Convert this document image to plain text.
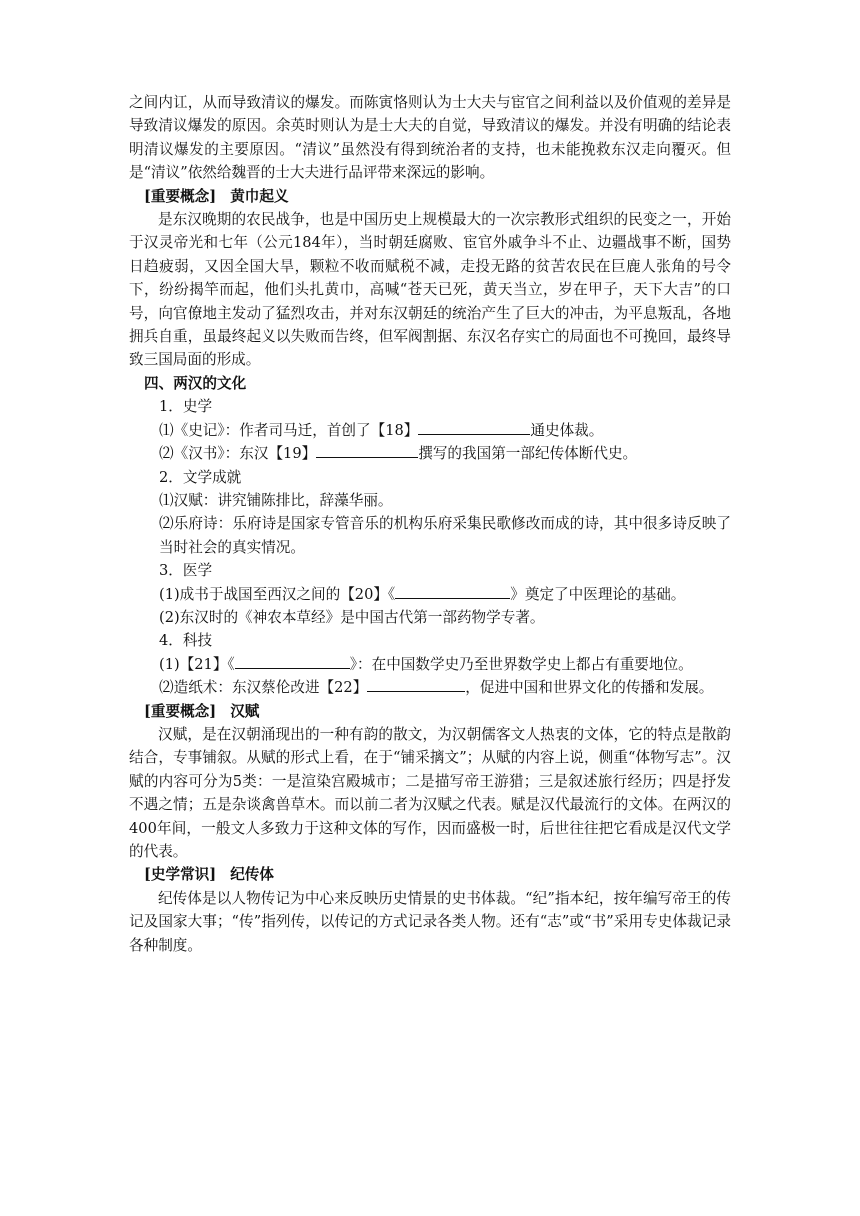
之间内讧，从而导致清议的爆发。而陈寅恪则认为士大夫与宦官之间利益以及价值观的差异是导致清议爆发的原因。余英时则认为是士大夫的自觉，导致清议的爆发。并没有明确的结论表明清议爆发的主要原因。“清议”虽然没有得到统治者的支持，也未能挽救东汉走向覆灭。但是“清议”依然给魏晋的士大夫进行品评带来深远的影响。

[重要概念] 黄巾起义

是东汉晚期的农民战争，也是中国历史上规模最大的一次宗教形式组织的民变之一，开始于汉灵帝光和七年（公元184年），当时朝廷腐败、宦官外戚争斗不止、边疆战事不断，国势日趋疲弱，又因全国大旱，颗粒不收而赋税不减，走投无路的贫苦农民在巨鹿人张角的号令下，纷纷揭竿而起，他们头扎黄巾，高喊“苍天已死，黄天当立，岁在甲子，天下大吉”的口号，向官僚地主发动了猛烈攻击，并对东汉朝廷的统治产生了巨大的冲击，为平息叛乱，各地拥兵自重，虽最终起义以失败而告终，但军阀割据、东汉名存实亡的局面也不可挽回，最终导致三国局面的形成。

四、两汉的文化

1．史学

⑴《史记》：作者司马迁，首创了【18】	通史体裁。

⑵《汉书》：东汉【19】	撰写的我国第一部纪传体断代史。

2．文学成就

⑴汉赋：讲究铺陈排比，辞藻华丽。

⑵乐府诗：乐府诗是国家专管音乐的机构乐府采集民歌修改而成的诗，其中很多诗反映了当时社会的真实情况。

3．医学

(1)成书于战国至西汉之间的【20】《	》奠定了中医理论的基础。

(2)东汉时的《神农本草经》是中国古代第一部药物学专著。

4．科技

(1)【21】《	》：在中国数学史乃至世界数学史上都占有重要地位。

⑵造纸术：东汉蔡伦改进【22】	，促进中国和世界文化的传播和发展。

[重要概念] 汉赋

汉赋，是在汉朝涌现出的一种有韵的散文，为汉朝儒客文人热衷的文体，它的特点是散韵结合，专事铺叙。从赋的形式上看，在于“铺采摛文”；从赋的内容上说，侧重“体物写志”。汉赋的内容可分为5类：一是渲染宫殿城市；二是描写帝王游猎；三是叙述旅行经历；四是抒发不遇之情；五是杂谈禽兽草木。而以前二者为汉赋之代表。赋是汉代最流行的文体。在两汉的400年间，一般文人多致力于这种文体的写作，因而盛极一时，后世往往把它看成是汉代文学的代表。

[史学常识] 纪传体

纪传体是以人物传记为中心来反映历史情景的史书体裁。“纪”指本纪，按年编写帝王的传记及国家大事；“传”指列传，以传记的方式记录各类人物。还有“志”或“书”采用专史体裁记录各种制度。
